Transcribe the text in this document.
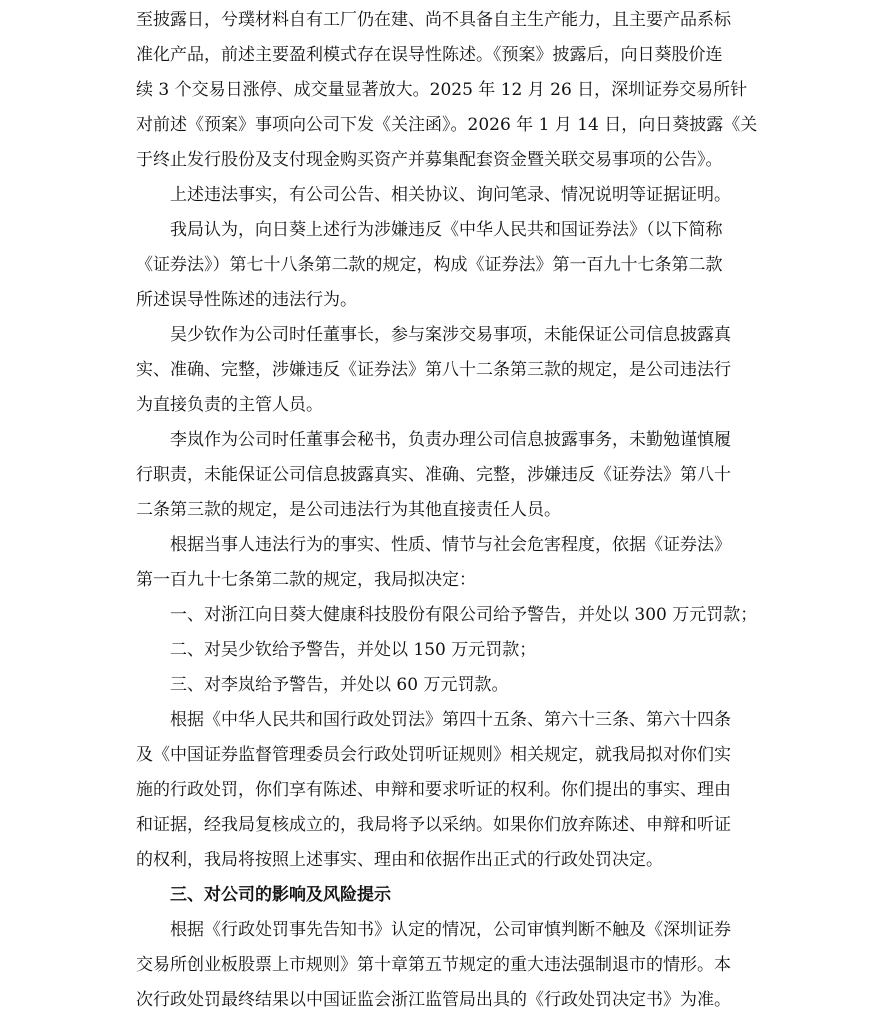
至披露日，兮璞材料自有工厂仍在建、尚不具备自主生产能力，且主要产品系标
准化产品，前述主要盈利模式存在误导性陈述。《预案》披露后，向日葵股价连
续 3 个交易日涨停、成交量显著放大。2025 年 12 月 26 日，深圳证券交易所针
对前述《预案》事项向公司下发《关注函》。2026 年 1 月 14 日，向日葵披露《关
于终止发行股份及支付现金购买资产并募集配套资金暨关联交易事项的公告》。
上述违法事实，有公司公告、相关协议、询问笔录、情况说明等证据证明。
我局认为，向日葵上述行为涉嫌违反《中华人民共和国证券法》（以下简称
《证券法》）第七十八条第二款的规定，构成《证券法》第一百九十七条第二款
所述误导性陈述的违法行为。
吴少钦作为公司时任董事长，参与案涉交易事项，未能保证公司信息披露真
实、准确、完整，涉嫌违反《证券法》第八十二条第三款的规定，是公司违法行
为直接负责的主管人员。
李岚作为公司时任董事会秘书，负责办理公司信息披露事务，未勤勉谨慎履
行职责，未能保证公司信息披露真实、准确、完整，涉嫌违反《证券法》第八十
二条第三款的规定，是公司违法行为其他直接责任人员。
根据当事人违法行为的事实、性质、情节与社会危害程度，依据《证券法》
第一百九十七条第二款的规定，我局拟决定：
一、对浙江向日葵大健康科技股份有限公司给予警告，并处以 300 万元罚款；
二、对吴少钦给予警告，并处以 150 万元罚款；
三、对李岚给予警告，并处以 60 万元罚款。
根据《中华人民共和国行政处罚法》第四十五条、第六十三条、第六十四条
及《中国证券监督管理委员会行政处罚听证规则》相关规定，就我局拟对你们实
施的行政处罚，你们享有陈述、申辩和要求听证的权利。你们提出的事实、理由
和证据，经我局复核成立的，我局将予以采纳。如果你们放弃陈述、申辩和听证
的权利，我局将按照上述事实、理由和依据作出正式的行政处罚决定。
三、对公司的影响及风险提示
根据《行政处罚事先告知书》认定的情况，公司审慎判断不触及《深圳证券
交易所创业板股票上市规则》第十章第五节规定的重大违法强制退市的情形。本
次行政处罚最终结果以中国证监会浙江监管局出具的《行政处罚决定书》为准。
